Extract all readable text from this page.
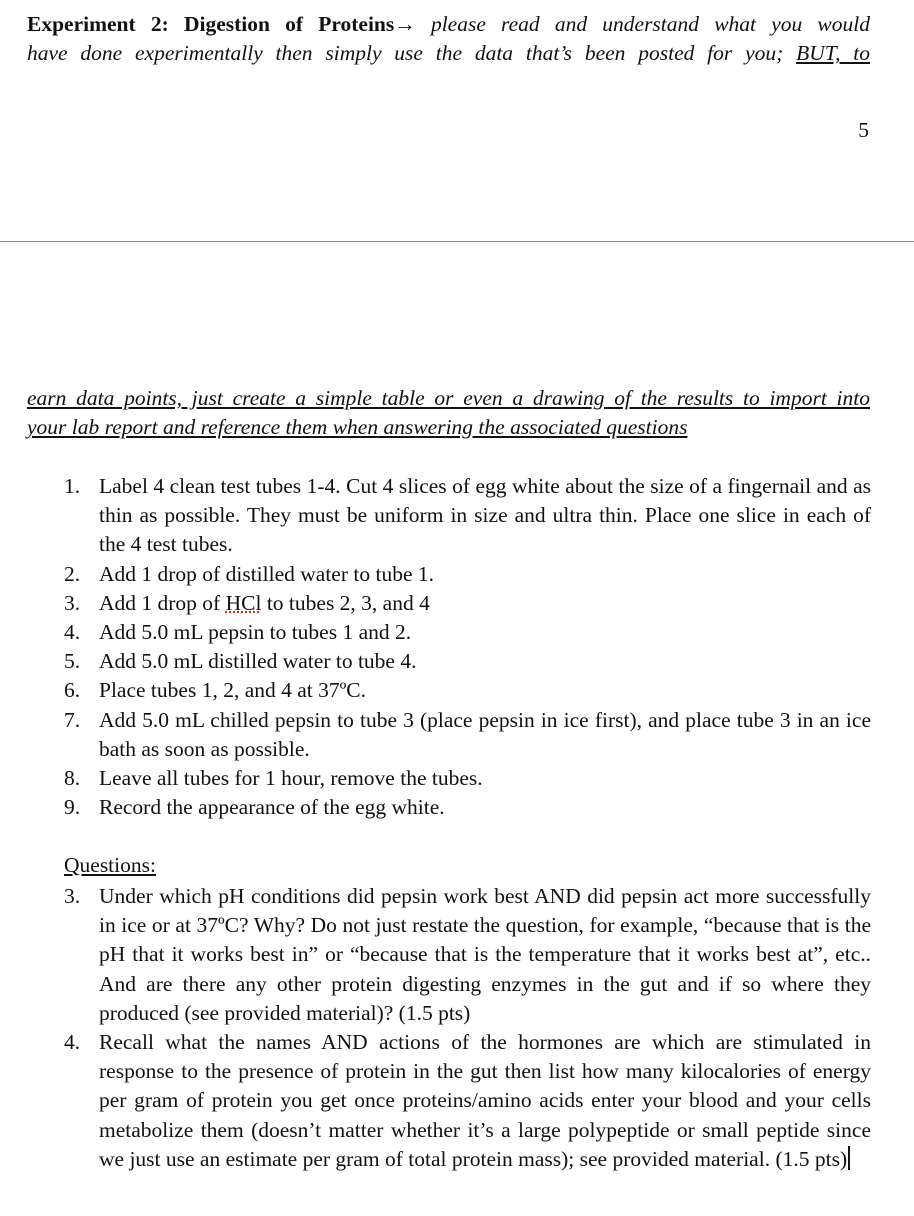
Experiment 2: Digestion of Proteins→ please read and understand what you would
have done experimentally then simply use the data that’s been posted for you; BUT, to
5
earn data points, just create a simple table or even a drawing of the results to import into
your lab report and reference them when answering the associated questions
1. Label 4 clean test tubes 1-4. Cut 4 slices of egg white about the size of a fingernail and as thin as possible. They must be uniform in size and ultra thin. Place one slice in each of the 4 test tubes.
2. Add 1 drop of distilled water to tube 1.
3. Add 1 drop of HCl to tubes 2, 3, and 4
4. Add 5.0 mL pepsin to tubes 1 and 2.
5. Add 5.0 mL distilled water to tube 4.
6. Place tubes 1, 2, and 4 at 37ºC.
7. Add 5.0 mL chilled pepsin to tube 3 (place pepsin in ice first), and place tube 3 in an ice bath as soon as possible.
8. Leave all tubes for 1 hour, remove the tubes.
9. Record the appearance of the egg white.
Questions:
3. Under which pH conditions did pepsin work best AND did pepsin act more successfully in ice or at 37ºC? Why? Do not just restate the question, for example, “because that is the pH that it works best in” or “because that is the temperature that it works best at”, etc.. And are there any other protein digesting enzymes in the gut and if so where they produced (see provided material)? (1.5 pts)
4. Recall what the names AND actions of the hormones are which are stimulated in response to the presence of protein in the gut then list how many kilocalories of energy per gram of protein you get once proteins/amino acids enter your blood and your cells metabolize them (doesn’t matter whether it’s a large polypeptide or small peptide since we just use an estimate per gram of total protein mass); see provided material. (1.5 pts)
